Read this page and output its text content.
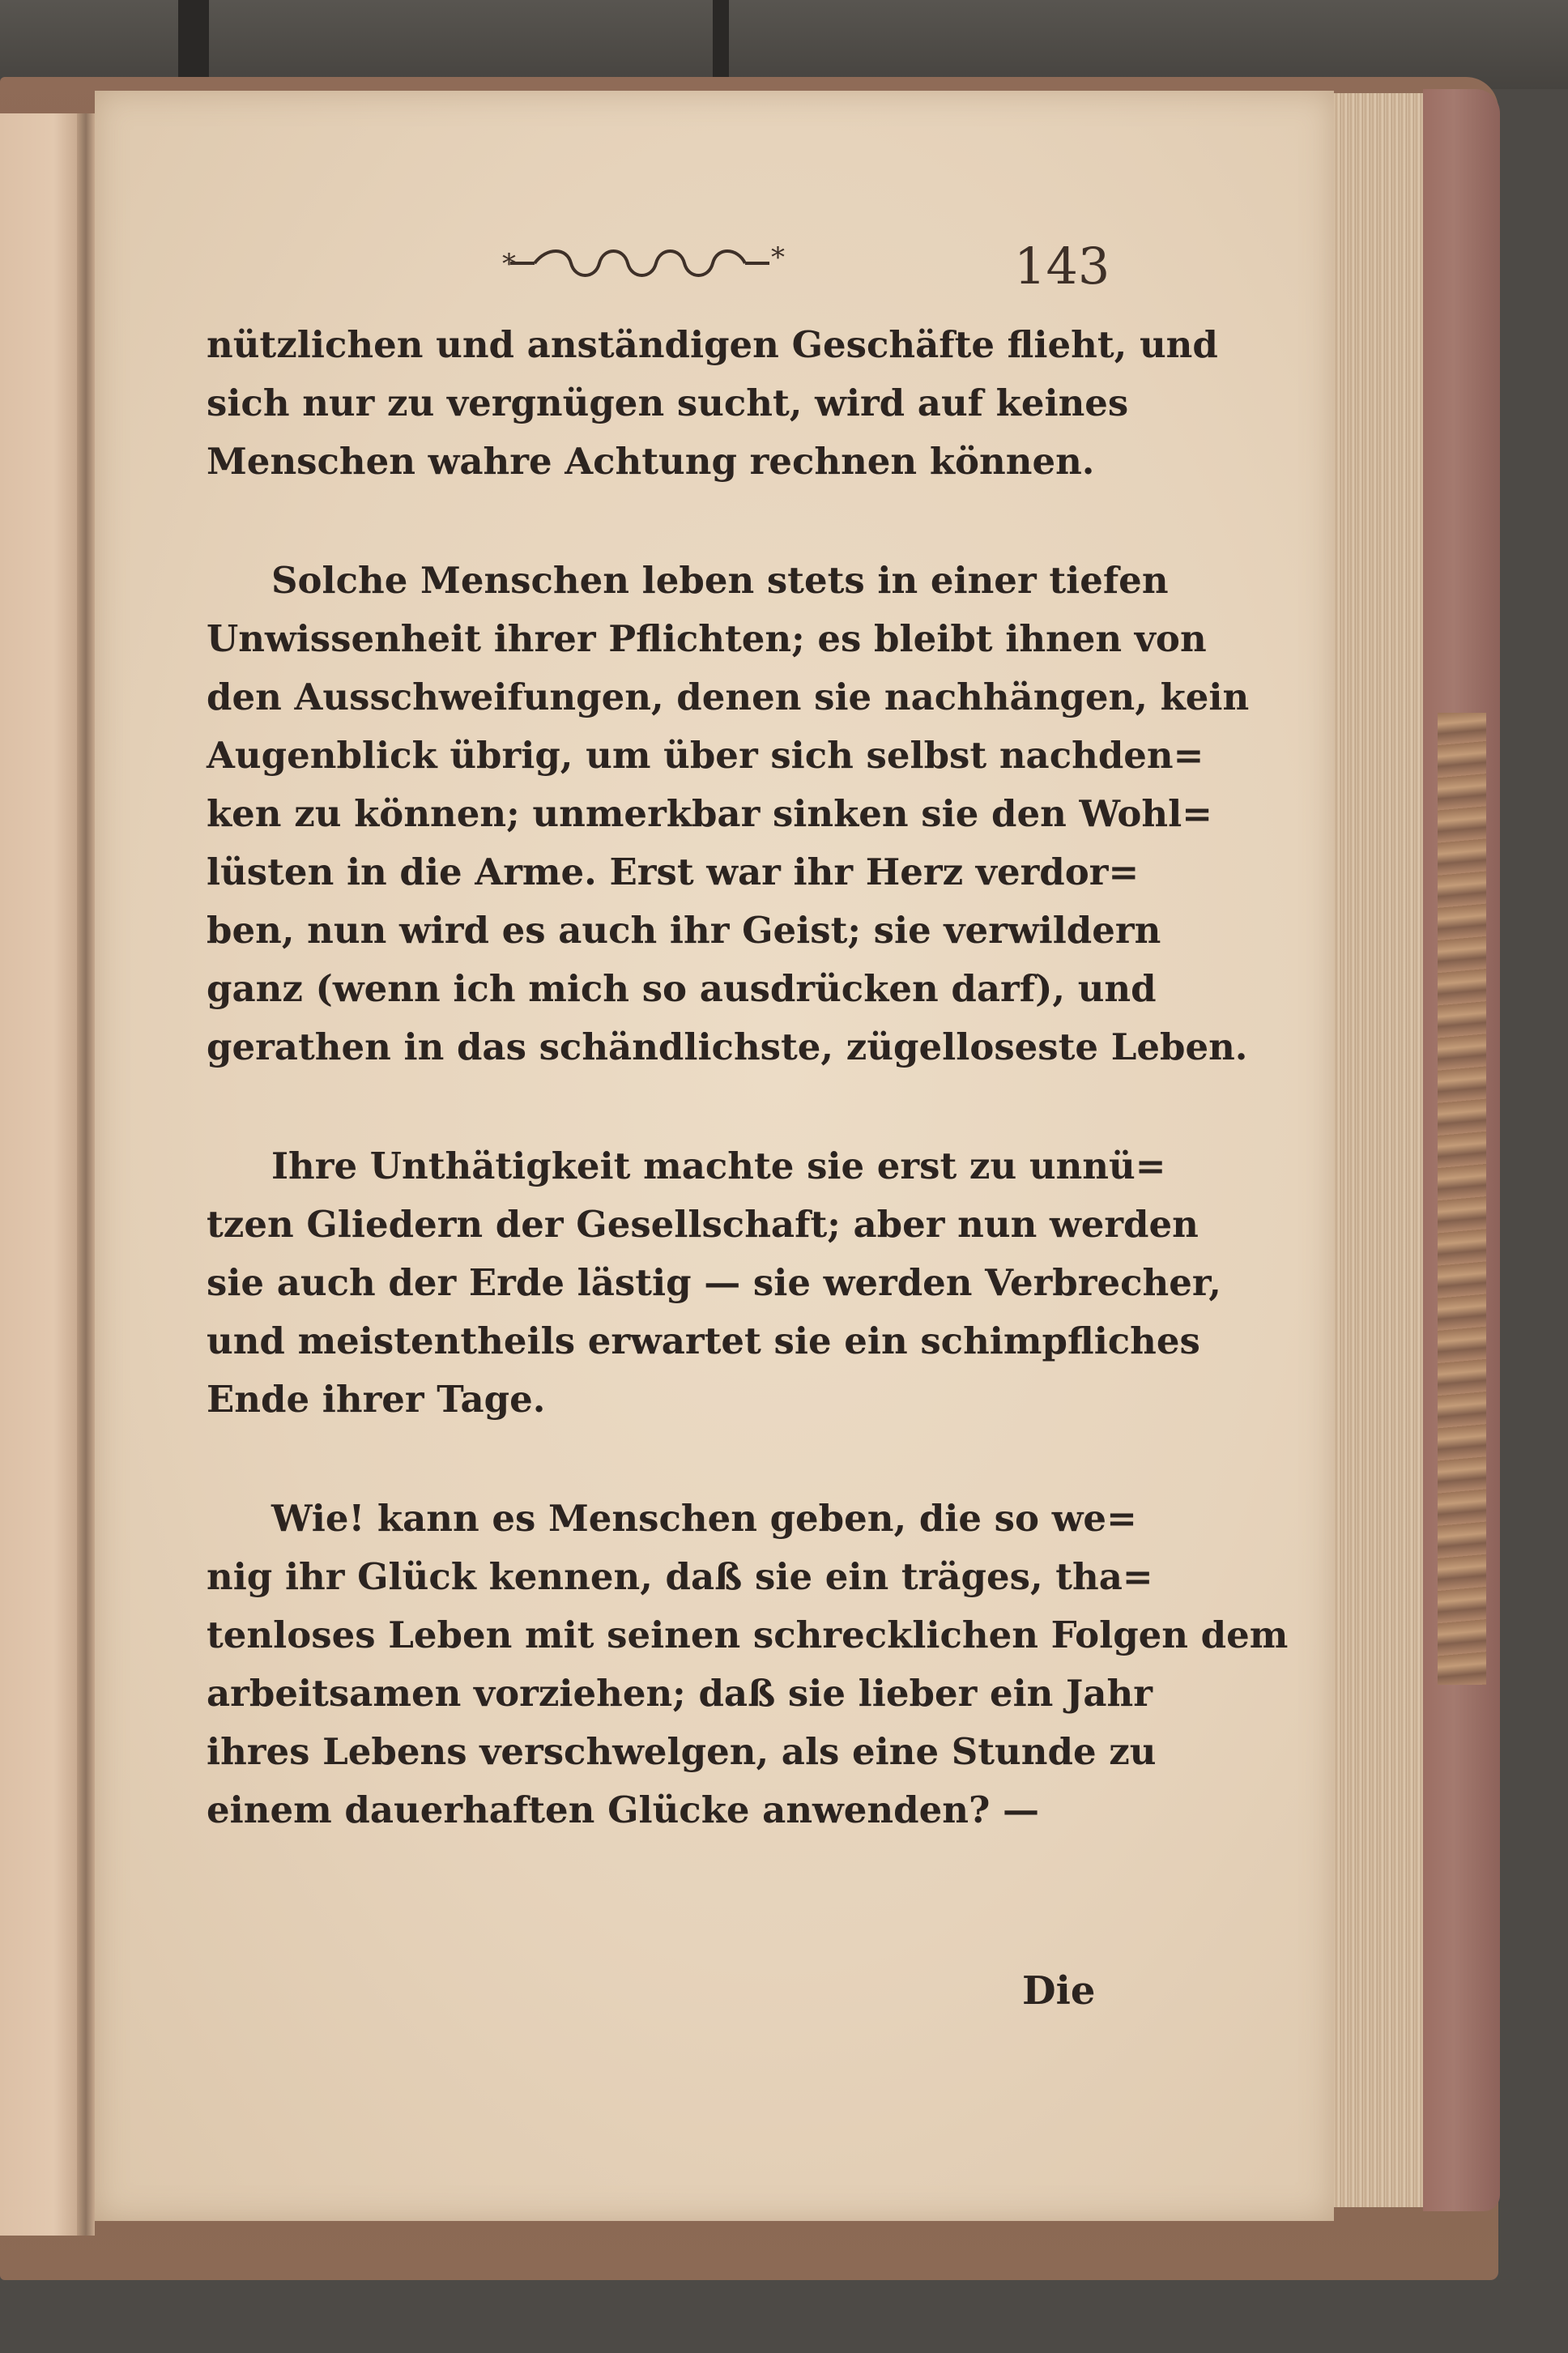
*	*	143
nützlichen und anständigen Geschäfte flieht, und
sich nur zu vergnügen sucht, wird auf keines
Menschen wahre Achtung rechnen können.
Solche Menschen leben stets in einer tiefen
Unwissenheit ihrer Pflichten; es bleibt ihnen von
den Ausschweifungen, denen sie nachhängen, kein
Augenblick übrig, um über sich selbst nachden=
ken zu können; unmerkbar sinken sie den Wohl=
lüsten in die Arme. Erst war ihr Herz verdor=
ben, nun wird es auch ihr Geist; sie verwildern
ganz (wenn ich mich so ausdrücken darf), und
gerathen in das schändlichste, zügelloseste Leben.
Ihre Unthätigkeit machte sie erst zu unnü=
tzen Gliedern der Gesellschaft; aber nun werden
sie auch der Erde lästig — sie werden Verbrecher,
und meistentheils erwartet sie ein schimpfliches
Ende ihrer Tage.
Wie! kann es Menschen geben, die so we=
nig ihr Glück kennen, daß sie ein träges, tha=
tenloses Leben mit seinen schrecklichen Folgen dem
arbeitsamen vorziehen; daß sie lieber ein Jahr
ihres Lebens verschwelgen, als eine Stunde zu
einem dauerhaften Glücke anwenden? —
Die
